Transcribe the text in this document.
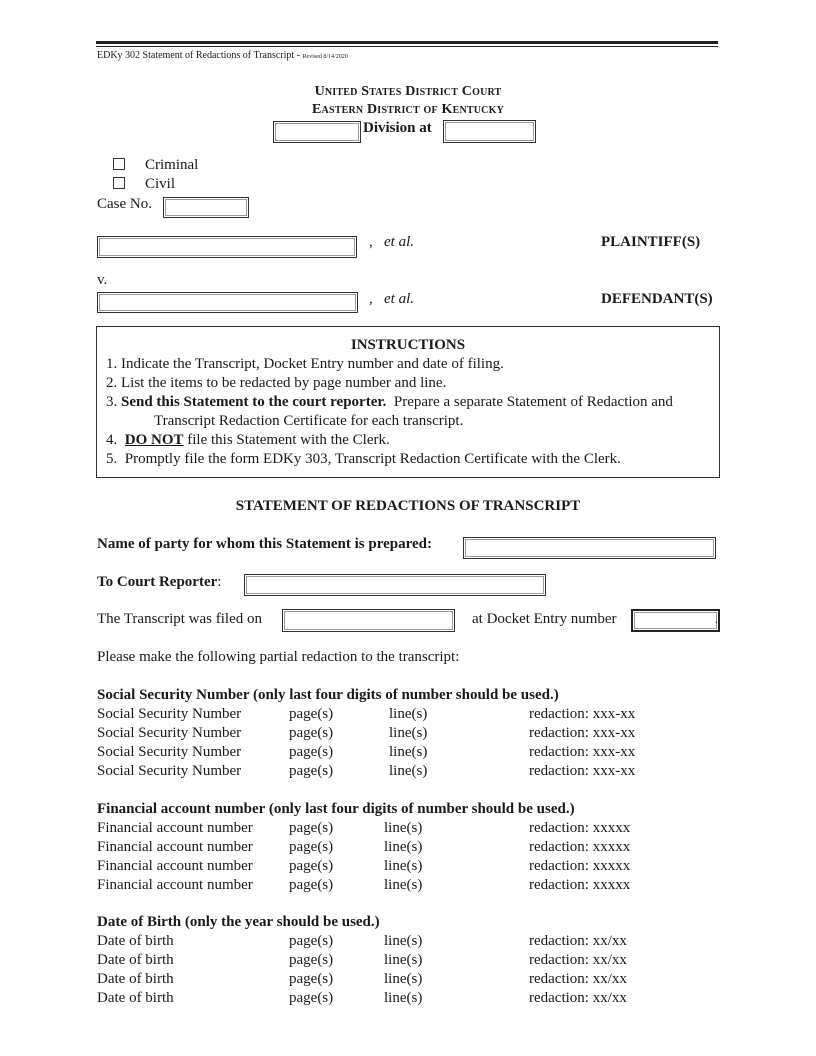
EDKy 302 Statement of Redactions of Transcript - Revised 8/14/2020
United States District Court
Eastern District of Kentucky
Division at
Criminal
Civil
Case No.
, et al.	PLAINTIFF(S)
v.
, et al.	DEFENDANT(S)
INSTRUCTIONS
1. Indicate the Transcript, Docket Entry number and date of filing.
2. List the items to be redacted by page number and line.
3. Send this Statement to the court reporter.  Prepare a separate Statement of Redaction and
Transcript Redaction Certificate for each transcript.
4.  DO NOT file this Statement with the Clerk.
5.  Promptly file the form EDKy 303, Transcript Redaction Certificate with the Clerk.
STATEMENT OF REDACTIONS OF TRANSCRIPT
Name of party for whom this Statement is prepared:
To Court Reporter:
The Transcript was filed on	at Docket Entry number	.
Please make the following partial redaction to the transcript:
Social Security Number (only last four digits of number should be used.)
Social Security Number	page(s)	line(s)	redaction: xxx-xx
Social Security Number	page(s)	line(s)	redaction: xxx-xx
Social Security Number	page(s)	line(s)	redaction: xxx-xx
Social Security Number	page(s)	line(s)	redaction: xxx-xx
Financial account number (only last four digits of number should be used.)
Financial account number page(s)	line(s)	redaction: xxxxx
Financial account number page(s)	line(s)	redaction: xxxxx
Financial account number page(s)	line(s)	redaction: xxxxx
Financial account number page(s)	line(s)	redaction: xxxxx
Date of Birth (only the year should be used.)
Date of birth	page(s)	line(s)	redaction: xx/xx
Date of birth	page(s)	line(s)	redaction: xx/xx
Date of birth	page(s)	line(s)	redaction: xx/xx
Date of birth	page(s)	line(s)	redaction: xx/xx
